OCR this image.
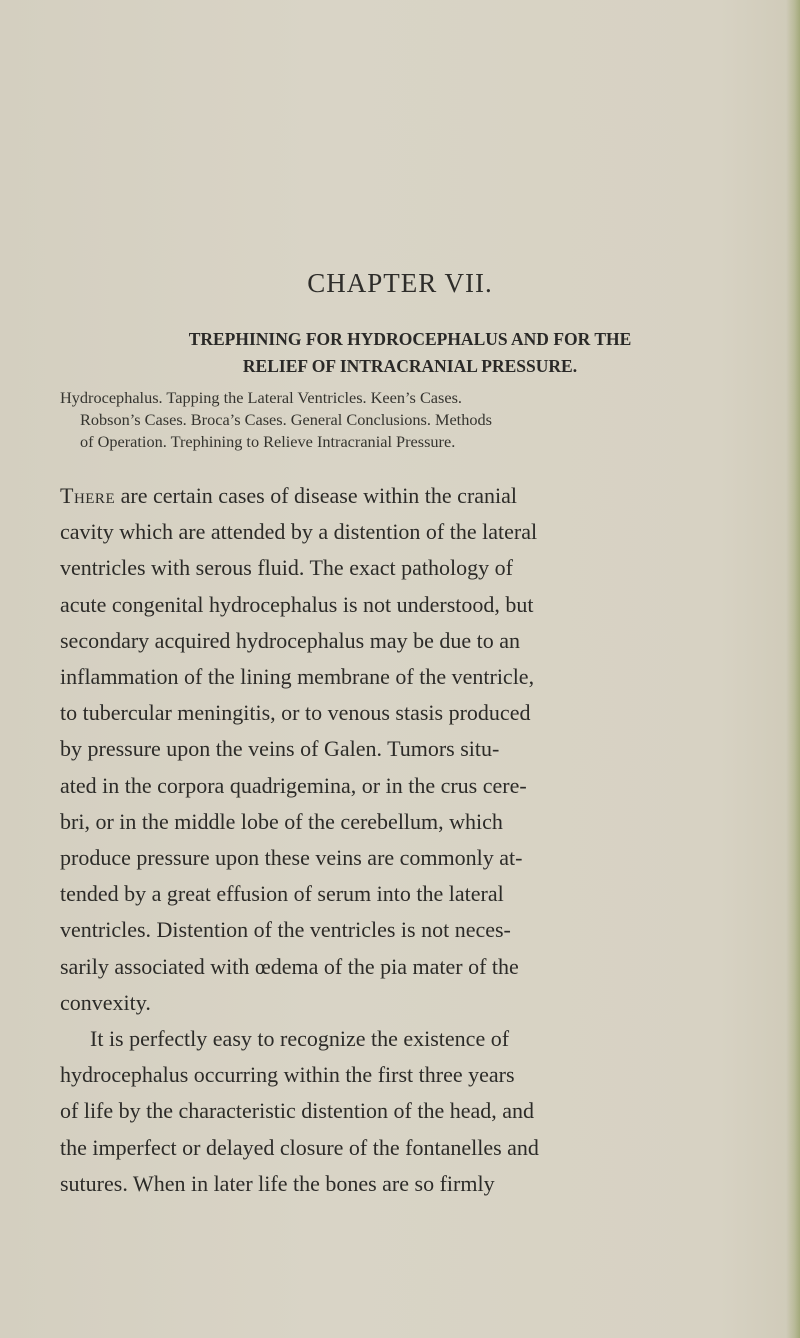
CHAPTER VII.
TREPHINING FOR HYDROCEPHALUS AND FOR THE
RELIEF OF INTRACRANIAL PRESSURE.
Hydrocephalus. Tapping the Lateral Ventricles. Keen’s Cases.
Robson’s Cases. Broca’s Cases. General Conclusions. Methods
of Operation. Trephining to Relieve Intracranial Pressure.
There are certain cases of disease within the cranial
cavity which are attended by a distention of the lateral
ventricles with serous fluid. The exact pathology of
acute congenital hydrocephalus is not understood, but
secondary acquired hydrocephalus may be due to an
inflammation of the lining membrane of the ventricle,
to tubercular meningitis, or to venous stasis produced
by pressure upon the veins of Galen. Tumors situ-
ated in the corpora quadrigemina, or in the crus cere-
bri, or in the middle lobe of the cerebellum, which
produce pressure upon these veins are commonly at-
tended by a great effusion of serum into the lateral
ventricles. Distention of the ventricles is not neces-
sarily associated with œdema of the pia mater of the
convexity.
It is perfectly easy to recognize the existence of
hydrocephalus occurring within the first three years
of life by the characteristic distention of the head, and
the imperfect or delayed closure of the fontanelles and
sutures. When in later life the bones are so firmly
